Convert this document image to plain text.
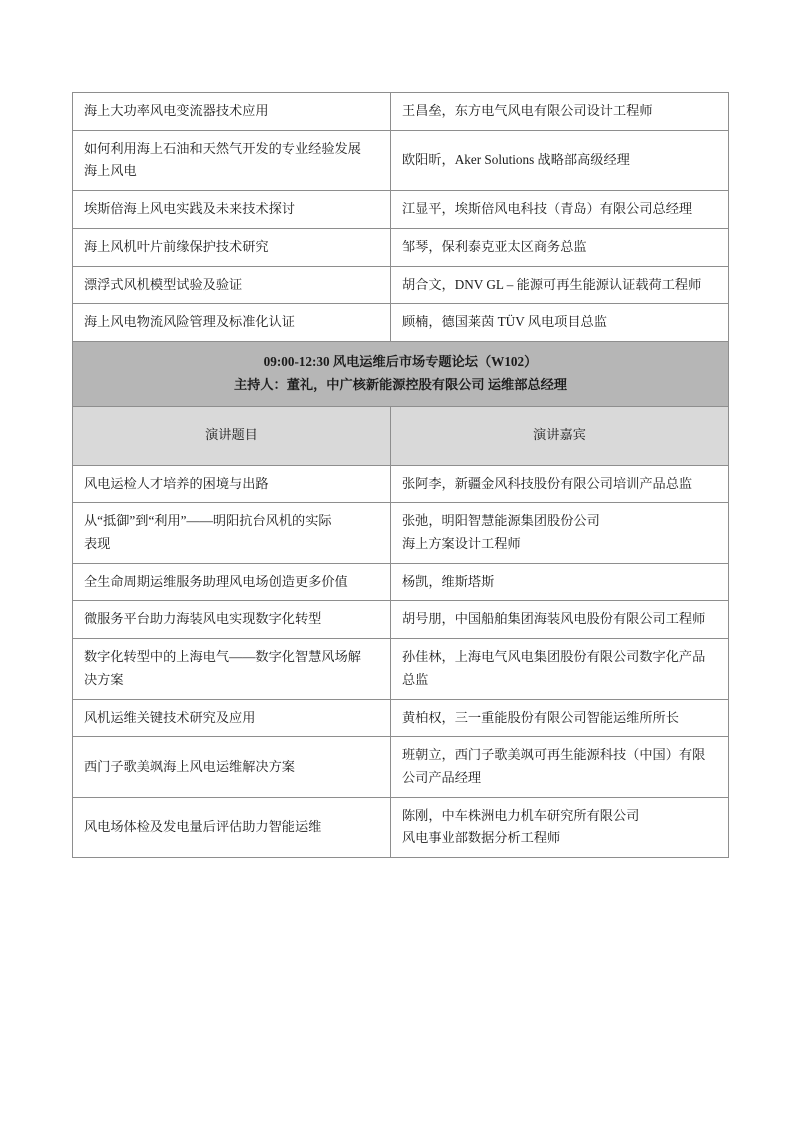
海上大功率风电变流器技术应用	王昌垒，东方电气风电有限公司设计工程师

如何利用海上石油和天然气开发的专业经验发展
海上风电	欧阳昕，Aker Solutions 战略部高级经理

埃斯倍海上风电实践及未来技术探讨	江显平，埃斯倍风电科技（青岛）有限公司总经理

海上风机叶片前缘保护技术研究	邹琴，保利泰克亚太区商务总监

漂浮式风机模型试验及验证	胡合文，DNV GL – 能源可再生能源认证载荷工程师

海上风电物流风险管理及标准化认证	顾楠，德国莱茵 TÜV 风电项目总监

09:00-12:30 风电运维后市场专题论坛（W102）
主持人：董礼，中广核新能源控股有限公司 运维部总经理	

演讲题目	演讲嘉宾

风电运检人才培养的困境与出路	张阿李，新疆金风科技股份有限公司培训产品总监

从“抵御”到“利用”——明阳抗台风机的实际
表现	张弛，明阳智慧能源集团股份公司
海上方案设计工程师

全生命周期运维服务助理风电场创造更多价值	杨凯，维斯塔斯

微服务平台助力海装风电实现数字化转型	胡号朋，中国船舶集团海装风电股份有限公司工程师

数字化转型中的上海电气——数字化智慧风场解
决方案	孙佳林，上海电气风电集团股份有限公司数字化产品
总监

风机运维关键技术研究及应用	黄柏权，三一重能股份有限公司智能运维所所长

西门子歌美飒海上风电运维解决方案	班朝立，西门子歌美飒可再生能源科技（中国）有限
公司产品经理

风电场体检及发电量后评估助力智能运维	陈刚，中车株洲电力机车研究所有限公司
风电事业部数据分析工程师
